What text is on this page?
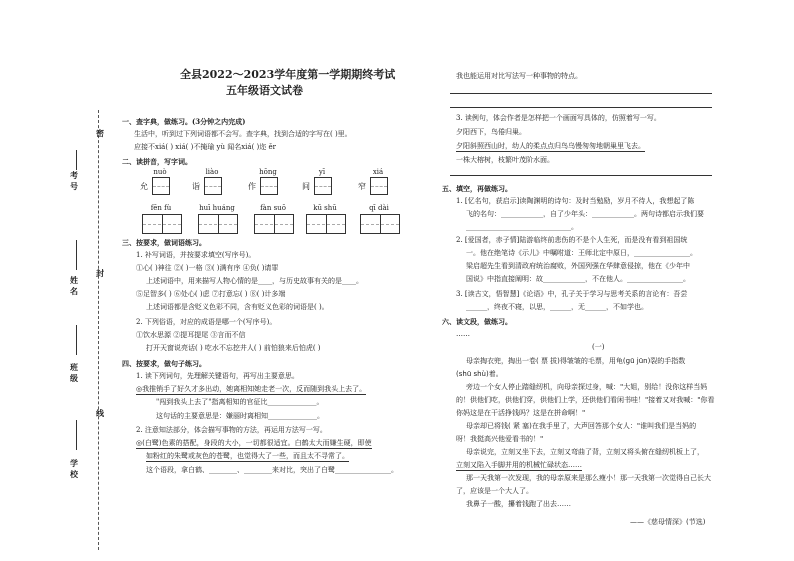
密
封
线
考号
姓名
班级
学校
全县2022～2023学年度第一学期期终考试
五年级语文试卷
一、查字典，做练习。(3分钟之内完成)
生活中，听到过下列词语都不会写。查字典，找到合适的字写在( )里。
应接不xiá( ) xiá( )不掩瑜 yù 闻名xiá( )迩 ěr
二、读拼音，写字词。
nuò
允
liào
诣
hōng
作
yī
间
xiá
窄
fēn fù	huī huáng	fàn suō	kū shū	qī dài
三、按要求，做词语练习。
1. 补写词语，并按要求填空(写序号)。
①心( )神往 ②( )一格 ③( )满有序 ④负( )请罪
上述词语中，用来描写人物心情的是____，与历史故事有关的是____。
⑤足智多( ) ⑥处心( )虑 ⑦打意忘( ) ⑧( )计多端
上述词语都是含贬义色彩不同，含有贬义色彩的词语是( )。
2. 下列俗语，对应的成语是哪一个(写序号)。
①饮水思源 ②提耳提尾 ③言而不信
打开天窗说亮话( ) 吃水不忘挖井人( ) 前怕狼来后怕虎( )
四、按要求，做句子练习。
1. 读下列词句，先理解关键语句，再写出主要意思。
◎我推销手了好久才多出动，她离相知她走老一次，反而随到我头上去了。
"闯到我头上去了"指离相知的官征比______________。
这句话的主要意思是：嫌丽时离相知______________。
2. 注意知法部分，体会描写事物的方法，再运用方法写一写。
◎(白鹭)色素的搭配，身段的大小，一切都很适宜。白鹤太大而嫌生硬，即使
如粉红的朱鹭或灰色的苍鹭，也觉得大了一些，而且太不寻常了。
这个语段，拿白鹤、________、________来对比，突出了白鹭________________。
我也能运用对比写法写一种事物的特点。
3. 读例句，体会作者是怎样把一个画面写具体的，仿照着写一写。
夕阳西下，鸟倦归巢。
夕阳斜照西山时，幼人的柔点点归鸟乌慢匆匆地朝巢里飞去。
一株大榕树，枝繁叶茂阶水面。
五、填空，再做练习。
1. [忆名句，获启示]读陶渊明的诗句：及时当勉励，岁月不待人，我想起了陈
飞的名句：____________，自了少年头：____________。两句诗都启示我们要
______________________________。
2. [爱国者，赤子情]陆游临终前悲伤的不是个人生死，而是没有看到祖国统
一。他在绝笔诗《示儿》中嘱咐道：王师北定中原日，________________。
梁启超先生看到清政府统治腐败，外国列强在华肆意侵掠，他在《少年中
国说》中指直接阐明：故____________，不在他人。________________。
3. [读古文，悟智慧]《论语》中，孔子关于学习与思考关系的言论有：吾尝
______，终夜不寝，以思，______，无______，不如学也。
六、读文段，做练习。
……
(一)
母亲掏衣兜，掏出一卷( 票 拔)得皱皱的毛票，用龟(gū jūn)裂的手指数
(shū shù)着。
旁边一个女人停止踏缝纫机，向母亲探过身，喊："大姐，别给！没你这样当妈
的！供他们吃，供他们穿，供他们上学，还供他们看闲书哇！"接着又对我喊："你看
你妈这是在干活挣钱吗？这是在拼命啊！"
母亲却已将钱( 紧 塞)在我手里了，大声回答那个女人："谁叫我们是当妈的
呀！我挺高兴他爱看书的！"
母亲说完，立刻又坐下去，立刻又弯曲了背，立刻又将头俯在缝纫机板上了，
立刻又陷入手脚并用的机械忙碌状态……
那一天我第一次发现，我的母亲原来是那么瘦小！那一天我第一次觉得自己长大
了，应该是一个大人了。
我鼻子一酸，攥着钱跑了出去……
——《慈母情深》(节选)
